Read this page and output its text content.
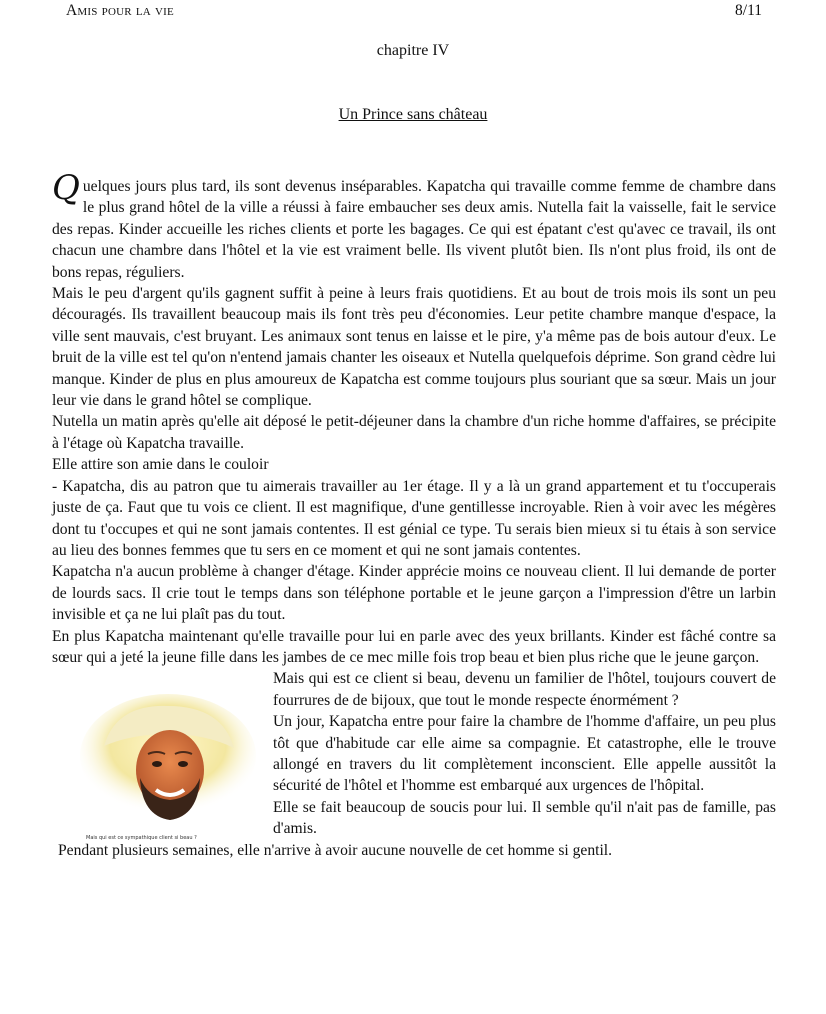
Amis pour la vie	8/11
chapitre IV
Un Prince sans château

Quelques jours plus tard, ils sont devenus inséparables. Kapatcha qui travaille comme femme de chambre dans le plus grand hôtel de la ville a réussi à faire embaucher ses deux amis. Nutella fait la vaisselle, fait le service des repas. Kinder accueille les riches clients et porte les bagages. Ce qui est épatant c'est qu'avec ce travail, ils ont chacun une chambre dans l'hôtel et la vie est vraiment belle. Ils vivent plutôt bien. Ils n'ont plus froid, ils ont de bons repas, réguliers.

Mais le peu d'argent qu'ils gagnent suffit à peine à leurs frais quotidiens. Et au bout de trois mois ils sont un peu découragés. Ils travaillent beaucoup mais ils font très peu d'économies. Leur petite chambre manque d'espace, la ville sent mauvais, c'est bruyant. Les animaux sont tenus en laisse et le pire, y'a même pas de bois autour d'eux. Le bruit de la ville est tel qu'on n'entend jamais chanter les oiseaux et Nutella quelquefois déprime. Son grand cèdre lui manque. Kinder de plus en plus amoureux de Kapatcha est comme toujours plus souriant que sa sœur. Mais un jour leur vie dans le grand hôtel se complique.

Nutella un matin après qu'elle ait déposé le petit-déjeuner dans la chambre d'un riche homme d'affaires, se précipite à l'étage où Kapatcha travaille.

Elle attire son amie dans le couloir

- Kapatcha, dis au patron que tu aimerais travailler au 1er étage. Il y a là un grand appartement et tu t'occuperais juste de ça. Faut que tu vois ce client. Il est magnifique, d'une gentillesse incroyable. Rien à voir avec les mégères dont tu t'occupes et qui ne sont jamais contentes. Il est génial ce type. Tu serais bien mieux si tu étais à son service au lieu des bonnes femmes que tu sers en ce moment et qui ne sont jamais contentes.

Kapatcha n'a aucun problème à changer d'étage. Kinder apprécie moins ce nouveau client. Il lui demande de porter de lourds sacs. Il crie tout le temps dans son téléphone portable et le jeune garçon a l'impression d'être un larbin invisible et ça ne lui plaît pas du tout.

En plus Kapatcha maintenant qu'elle travaille pour lui en parle avec des yeux brillants. Kinder est fâché contre sa sœur qui a jeté la jeune fille dans les jambes de ce mec mille fois trop beau et bien plus riche que le jeune garçon.

Mais qui est ce sympathique client si beau ?

Mais qui est ce client si beau, devenu un familier de l'hôtel, toujours couvert de fourrures de de bijoux, que tout le monde respecte énormément ?

Un jour, Kapatcha entre pour faire la chambre de l'homme d'affaire, un peu plus tôt que d'habitude car elle aime sa compagnie. Et catastrophe, elle le trouve allongé en travers du lit complètement inconscient. Elle appelle aussitôt la sécurité de l'hôtel et l'homme est embarqué aux urgences de l'hôpital.

Elle se fait beaucoup de soucis pour lui. Il semble qu'il n'ait pas de famille, pas d'amis.

Pendant plusieurs semaines, elle n'arrive à avoir aucune nouvelle de cet homme si gentil.
